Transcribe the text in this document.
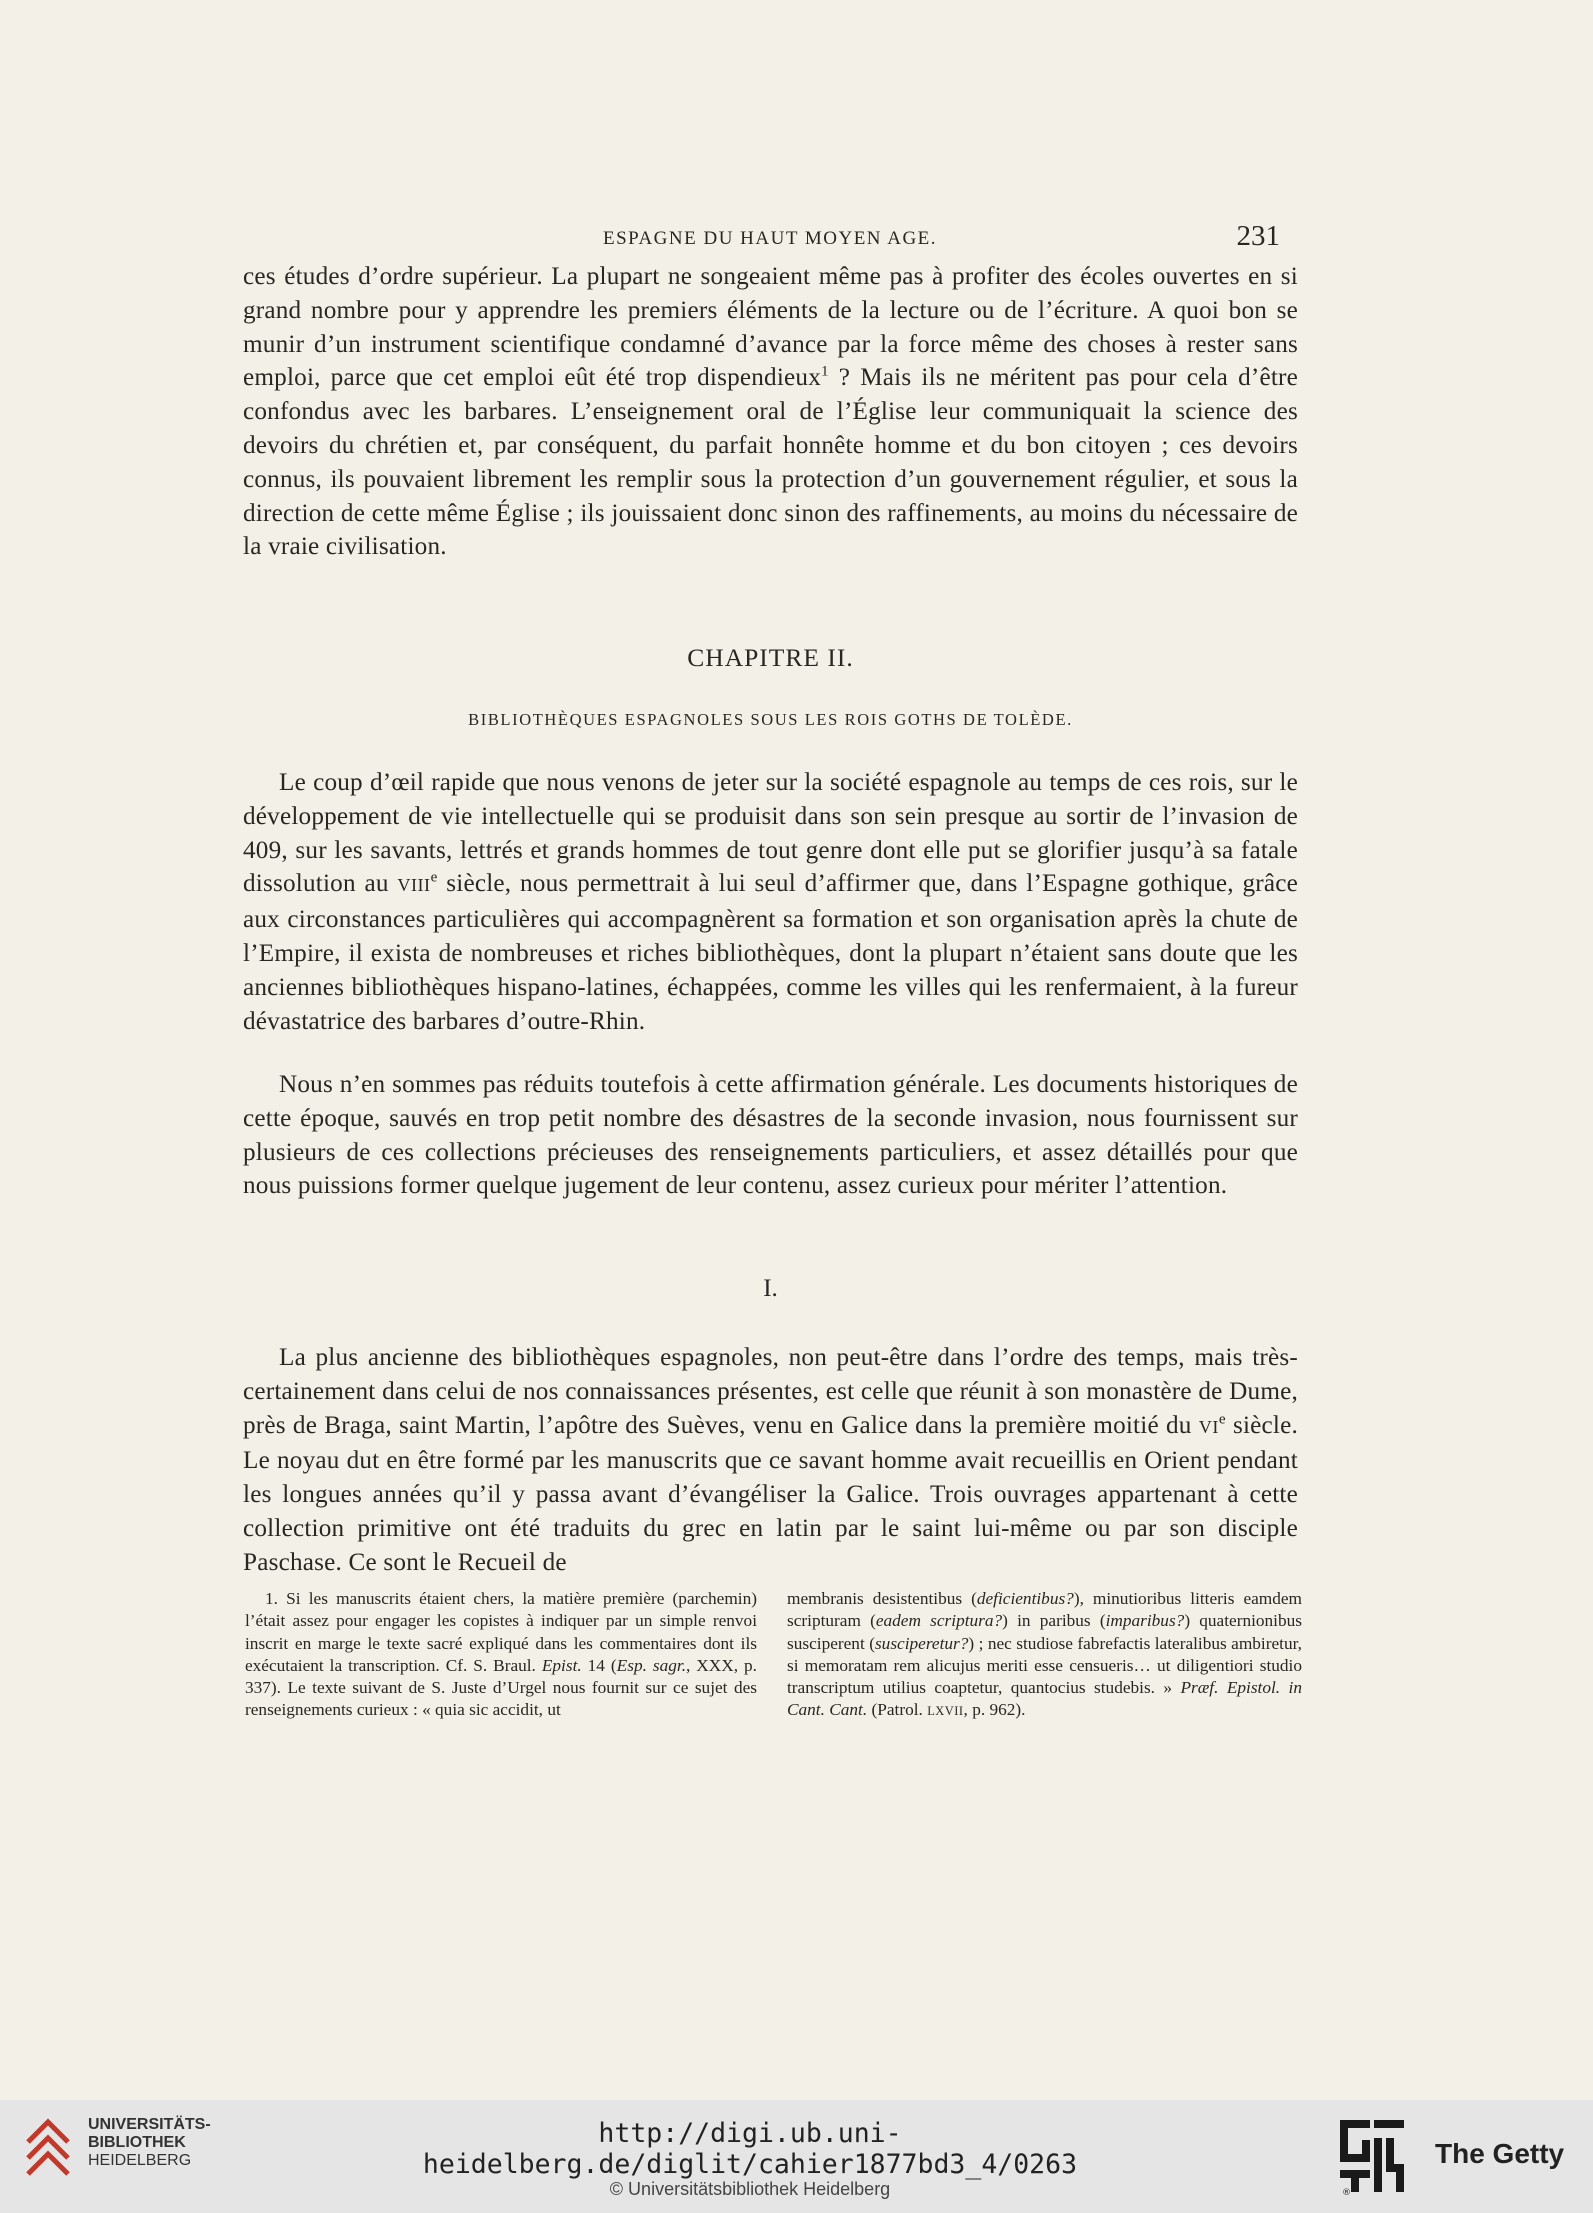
ESPAGNE DU HAUT MOYEN AGE.	231

ces études d’ordre supérieur. La plupart ne songeaient même pas à profiter des écoles ouvertes en si grand nombre pour y apprendre les premiers éléments de la lecture ou de l’écriture. A quoi bon se munir d’un instrument scientifique condamné d’avance par la force même des choses à rester sans emploi, parce que cet emploi eût été trop dispendieux$^1$ ? Mais ils ne méritent pas pour cela d’être confondus avec les barbares. L’enseignement oral de l’Église leur communiquait la science des devoirs du chrétien et, par conséquent, du parfait honnête homme et du bon citoyen ; ces devoirs connus, ils pouvaient librement les remplir sous la protection d’un gouvernement régulier, et sous la direction de cette même Église ; ils jouissaient donc sinon des raffinements, au moins du nécessaire de la vraie civilisation.

CHAPITRE II.
BIBLIOTHÈQUES ESPAGNOLES SOUS LES ROIS GOTHS DE TOLÈDE.

Le coup d’œil rapide que nous venons de jeter sur la société espagnole au temps de ces rois, sur le développement de vie intellectuelle qui se produisit dans son sein presque au sortir de l’invasion de 409, sur les savants, lettrés et grands hommes de tout genre dont elle put se glorifier jusqu’à sa fatale dissolution au VIIIe siècle, nous permettrait à lui seul d’affirmer que, dans l’Espagne gothique, grâce aux circonstances particulières qui accompagnèrent sa formation et son organisation après la chute de l’Empire, il exista de nombreuses et riches bibliothèques, dont la plupart n’étaient sans doute que les anciennes bibliothèques hispano-latines, échappées, comme les villes qui les renfermaient, à la fureur dévastatrice des barbares d’outre-Rhin.

Nous n’en sommes pas réduits toutefois à cette affirmation générale. Les documents historiques de cette époque, sauvés en trop petit nombre des désastres de la seconde invasion, nous fournissent sur plusieurs de ces collections précieuses des renseignements particuliers, et assez détaillés pour que nous puissions former quelque jugement de leur contenu, assez curieux pour mériter l’attention.

I.

La plus ancienne des bibliothèques espagnoles, non peut-être dans l’ordre des temps, mais très-certainement dans celui de nos connaissances présentes, est celle que réunit à son monastère de Dume, près de Braga, saint Martin, l’apôtre des Suèves, venu en Galice dans la première moitié du VIe siècle. Le noyau dut en être formé par les manuscrits que ce savant homme avait recueillis en Orient pendant les longues années qu’il y passa avant d’évangéliser la Galice. Trois ouvrages appartenant à cette collection primitive ont été traduits du grec en latin par le saint lui-même ou par son disciple Paschase. Ce sont le Recueil de

1. Si les manuscrits étaient chers, la matière première (parchemin) l’était assez pour engager les copistes à indiquer par un simple renvoi inscrit en marge le texte sacré expliqué dans les commentaires dont ils exécutaient la transcription. Cf. S. Braul. Epist. 14 (Esp. sagr., XXX, p. 337). Le texte suivant de S. Juste d’Urgel nous fournit sur ce sujet des renseignements curieux : « quia sic accidit, ut
membranis desistentibus (deficientibus?), minutioribus litteris eamdem scripturam (eadem scriptura?) in paribus (imparibus?) quaternionibus susciperent (susciperetur?) ; nec studiose fabrefactis lateralibus ambiretur, si memoratam rem alicujus meriti esse censueris… ut diligentiori studio transcriptum utilius coaptetur, quantocius studebis. » Præf. Epistol. in Cant. Cant. (Patrol. LXVII, p. 962).
UNIVERSITÄTS-
BIBLIOTHEK
HEIDELBERG
http://digi.ub.uni-heidelberg.de/diglit/cahier1877bd3_4/0263
© Universitätsbibliothek Heidelberg	®
The Getty
